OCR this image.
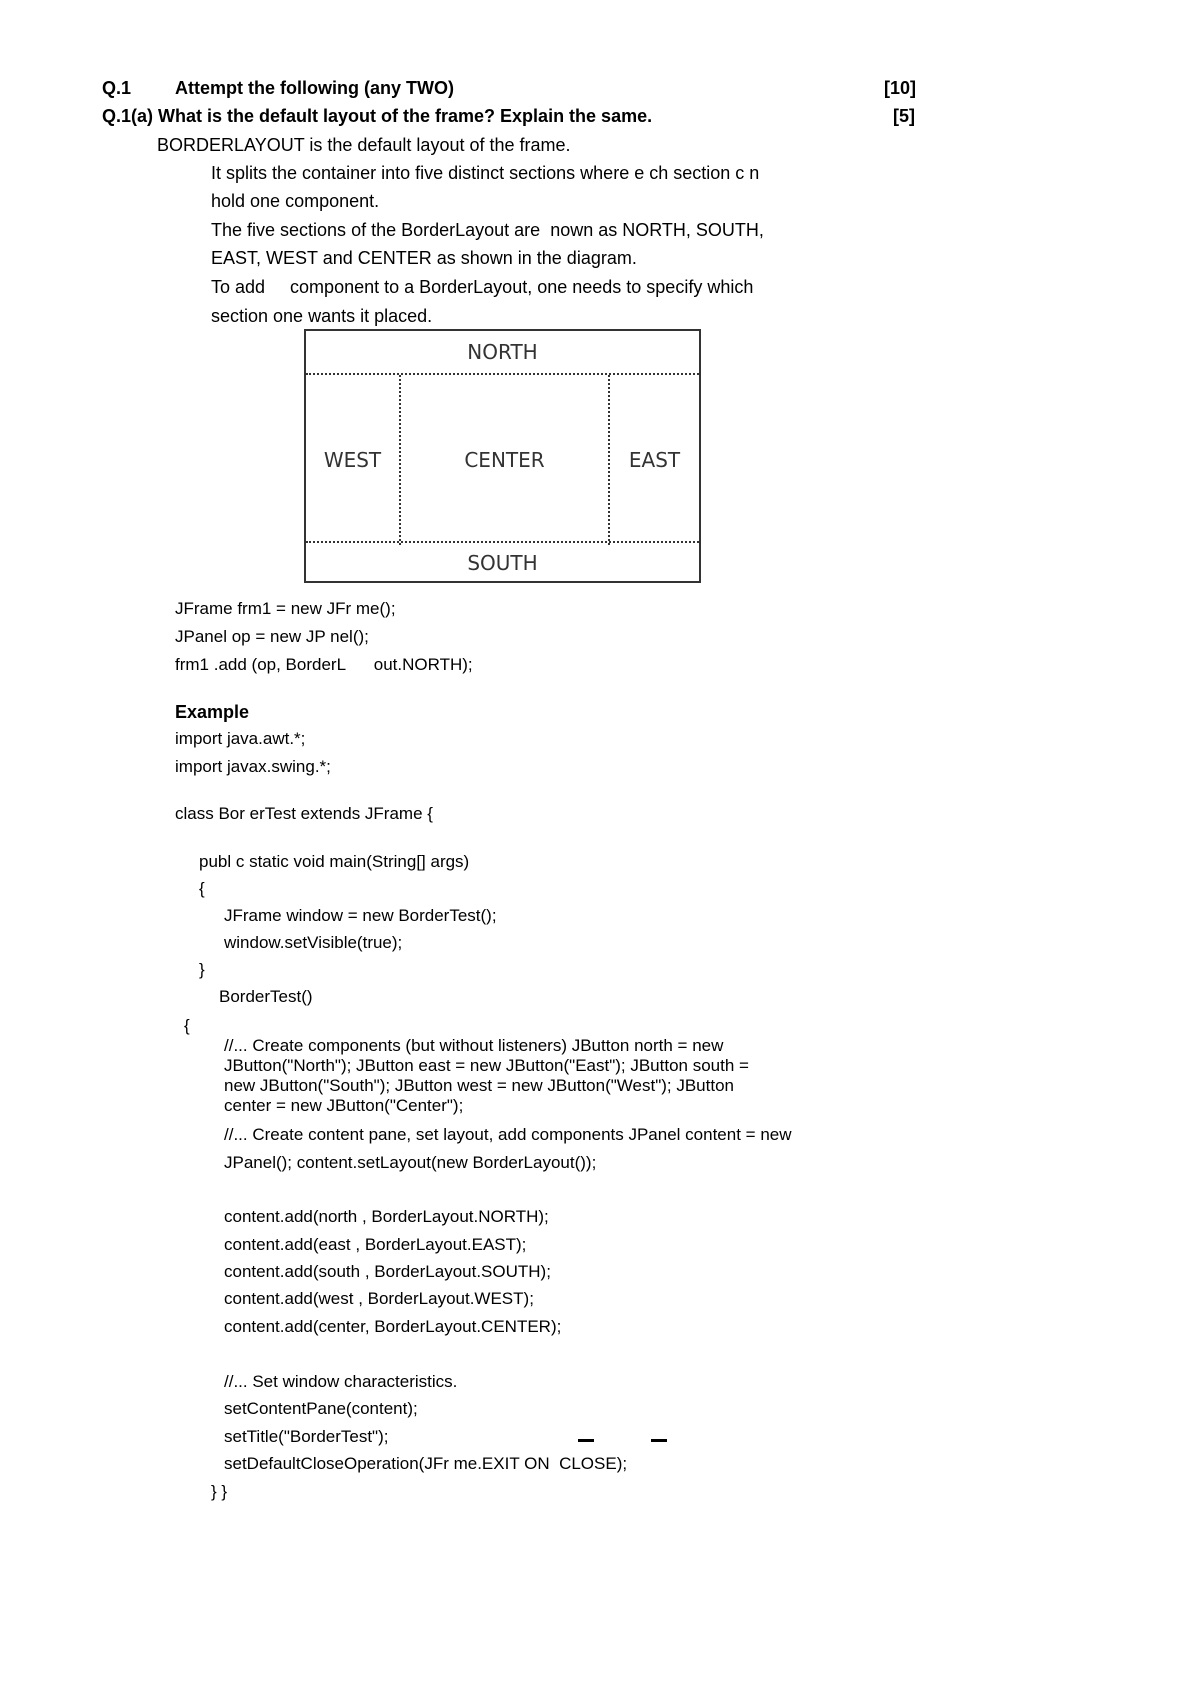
Q.1 Attempt the following (any TWO)	[10]
Q.1(a) What is the default layout of the frame? Explain the same.	[5]
BORDERLAYOUT is the default layout of the frame.
It splits the container into five distinct sections where e ch section c n
hold one component.
The five sections of the BorderLayout are  nown as NORTH, SOUTH,
EAST, WEST and CENTER as shown in the diagram.
To add     component to a BorderLayout, one needs to specify which
section one wants it placed.
NORTH
WEST	CENTER	EAST
SOUTH
JFrame frm1 = new JFr me();
JPanel op = new JP nel();
frm1 .add (op, BorderL      out.NORTH);
Example
import java.awt.*;
import javax.swing.*;
class Bor erTest extends JFrame {
publ c static void main(String[] args)
{
JFrame window = new BorderTest();
window.setVisible(true);
}
BorderTest()
{
//... Create components (but without listeners) JButton north = new
JButton("North"); JButton east = new JButton("East"); JButton south =
new JButton("South"); JButton west = new JButton("West"); JButton
center = new JButton("Center");
//... Create content pane, set layout, add components JPanel content = new
JPanel(); content.setLayout(new BorderLayout());
content.add(north , BorderLayout.NORTH);
content.add(east , BorderLayout.EAST);
content.add(south , BorderLayout.SOUTH);
content.add(west , BorderLayout.WEST);
content.add(center, BorderLayout.CENTER);
//... Set window characteristics.
setContentPane(content);
setTitle("BorderTest");
setDefaultCloseOperation(JFr me.EXIT ON  CLOSE);
} }
